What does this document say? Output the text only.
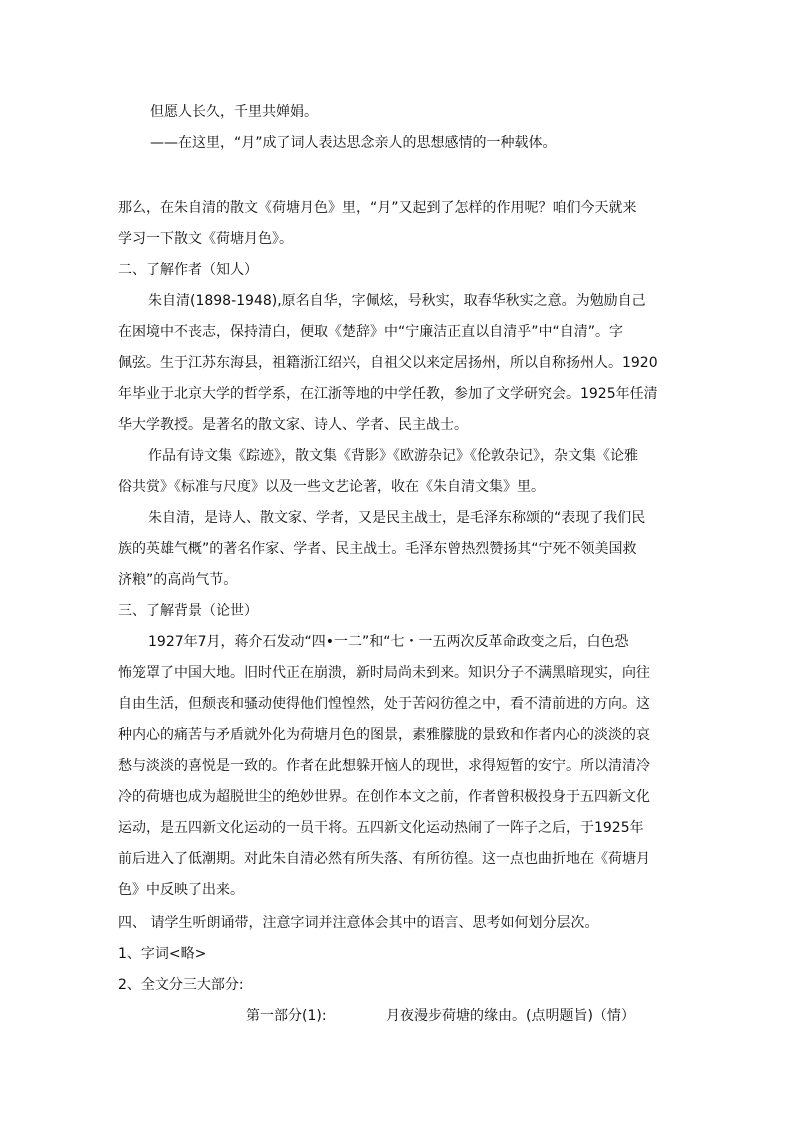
但愿人长久，千里共婵娟。
——在这里，“月”成了词人表达思念亲人的思想感情的一种载体。
那么，在朱自清的散文《荷塘月色》里，“月”又起到了怎样的作用呢？咱们今天就来
学习一下散文《荷塘月色》。
二、了解作者（知人）
朱自清(1898-1948),原名自华，字佩炫，号秋实，取春华秋实之意。为勉励自己
在困境中不丧志，保持清白，便取《楚辞》中“宁廉洁正直以自清乎”中“自清”。字
佩弦。生于江苏东海县，祖籍浙江绍兴，自祖父以来定居扬州，所以自称扬州人。1920
年毕业于北京大学的哲学系，在江浙等地的中学任教，参加了文学研究会。1925年任清
华大学教授。是著名的散文家、诗人、学者、民主战士。
作品有诗文集《踪迹》，散文集《背影》《欧游杂记》《伦敦杂记》，杂文集《论雅
俗共赏》《标准与尺度》以及一些文艺论著，收在《朱自清文集》里。
朱自清，是诗人、散文家、学者，又是民主战士，是毛泽东称颂的“表现了我们民
族的英雄气概”的著名作家、学者、民主战士。毛泽东曾热烈赞扬其“宁死不领美国救
济粮”的高尚气节。
三、了解背景（论世）
1927年7月，蒋介石发动“四•一二”和“七・一五两次反革命政变之后，白色恐
怖笼罩了中国大地。旧时代正在崩溃，新时局尚未到来。知识分子不满黑暗现实，向往
自由生活，但颓丧和骚动使得他们惶惶然，处于苦闷彷徨之中，看不清前进的方向。这
种内心的痛苦与矛盾就外化为荷塘月色的图景，素雅朦胧的景致和作者内心的淡淡的哀
愁与淡淡的喜悦是一致的。作者在此想躲开恼人的现世，求得短暂的安宁。所以清清冷
冷的荷塘也成为超脱世尘的绝妙世界。在创作本文之前，作者曾积极投身于五四新文化
运动，是五四新文化运动的一员干将。五四新文化运动热闹了一阵子之后，于1925年
前后进入了低潮期。对此朱自清必然有所失落、有所彷徨。这一点也曲折地在《荷塘月
色》中反映了出来。
四、 请学生听朗诵带，注意字词并注意体会其中的语言、思考如何划分层次。
1、字词<略>
2、全文分三大部分:
第一部分(1):	月夜漫步荷塘的缘由。(点明题旨)（情）
